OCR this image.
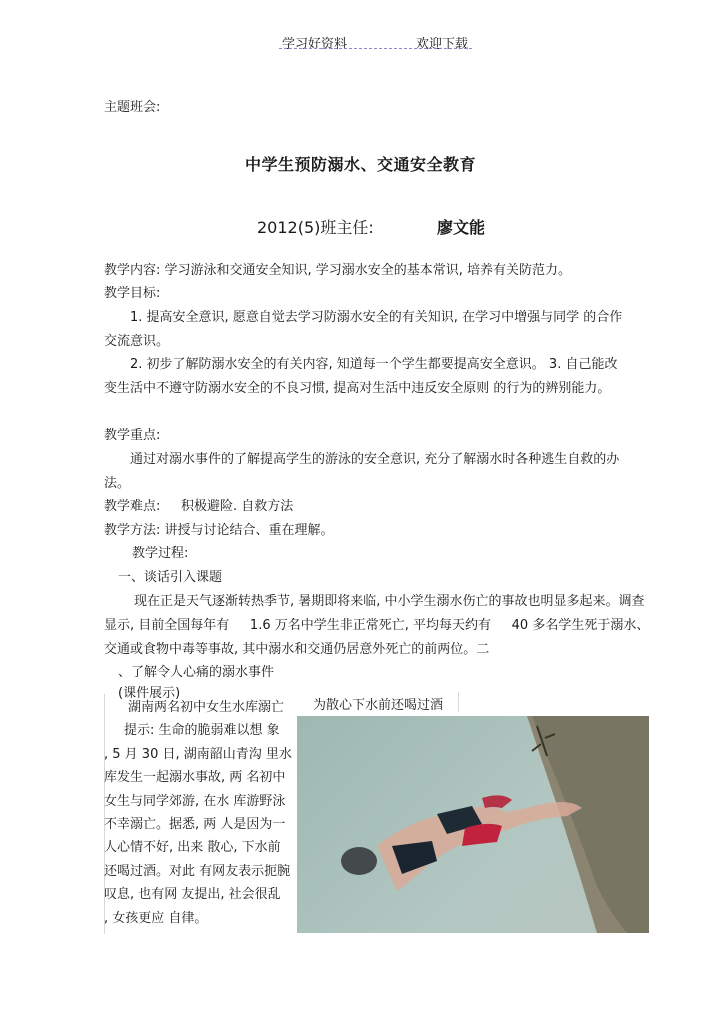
学习好资料	欢迎下载
主题班会:
中学生预防溺水、交通安全教育
2012(5)班主任:	廖文能
教学内容: 学习游泳和交通安全知识, 学习溺水安全的基本常识, 培养有关防范力。
教学目标:
1. 提高安全意识, 愿意自觉去学习防溺水安全的有关知识, 在学习中增强与同学 的合作交流意识。
2. 初步了解防溺水安全的有关内容, 知道每一个学生都要提高安全意识。 3. 自己能改变生活中不遵守防溺水安全的不良习惯, 提高对生活中违反安全原则 的行为的辨别能力。
教学重点:
通过对溺水事件的了解提高学生的游泳的安全意识, 充分了解溺水时各种逃生自救的办法。
教学难点:     积极避险. 自救方法
教学方法: 讲授与讨论结合、重在理解。
教学过程:
一、谈话引入课题
现在正是天气逐渐转热季节, 暑期即将来临, 中小学生溺水伤亡的事故也明显多起来。调查显示, 目前全国每年有     1.6 万名中学生非正常死亡, 平均每天约有     40 多名学生死于溺水、交通或食物中毒等事故, 其中溺水和交通仍居意外死亡的前两位。二
、了解令人心痛的溺水事件
(课件展示)
湖南两名初中女生水库溺亡
提示: 生命的脆弱难以想 象
, 5 月 30 日, 湖南韶山青沟 里水
库发生一起溺水事故, 两 名初中
女生与同学郊游, 在水 库游野泳
不幸溺亡。据悉, 两 人是因为一
人心情不好, 出来 散心, 下水前
还喝过酒。对此 有网友表示扼腕
叹息, 也有网 友提出, 社会很乱
, 女孩更应 自律。
为散心下水前还喝过酒
